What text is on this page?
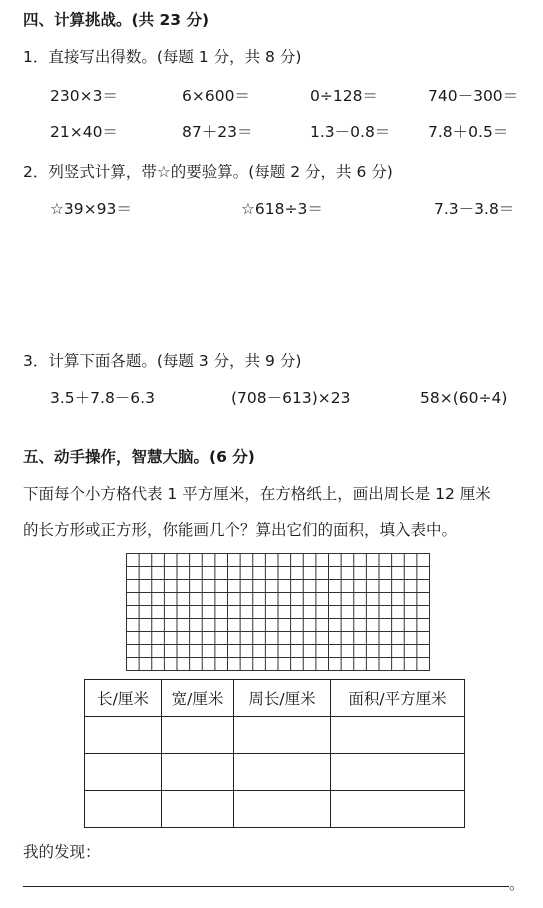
四、计算挑战。(共 23 分)
1．直接写出得数。(每题 1 分，共 8 分)
230×3＝	6×600＝	0÷128＝	740－300＝
21×40＝	87＋23＝	1.3－0.8＝ 7.8＋0.5＝
2．列竖式计算，带☆的要验算。(每题 2 分，共 6 分)
☆39×93＝	☆618÷3＝	7.3－3.8＝
3．计算下面各题。(每题 3 分，共 9 分)
3.5＋7.8－6.3	(708－613)×23	58×(60÷4)
五、动手操作，智慧大脑。(6 分)
下面每个小方格代表 1 平方厘米，在方格纸上，画出周长是 12 厘米
的长方形或正方形，你能画几个？算出它们的面积，填入表中。
长/厘米	宽/厘米	周长/厘米	面积/平方厘米

我的发现：
。
